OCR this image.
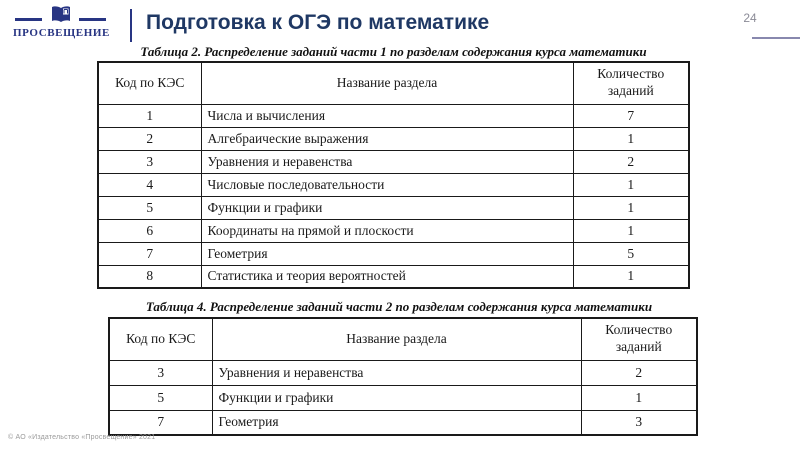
ПРОСВЕЩЕНИЕ Подготовка к ОГЭ по математике	24
Таблица 2. Распределение заданий части 1 по разделам содержания курса математики
Код по КЭС	Название раздела	Количество заданий
1	Числа и вычисления	7
2	Алгебраические выражения	1
3	Уравнения и неравенства	2
4	Числовые последовательности	1
5	Функции и графики	1
6	Координаты на прямой и плоскости	1
7	Геометрия	5
8	Статистика и теория вероятностей	1
Таблица 4. Распределение заданий части 2 по разделам содержания курса математики
Код по КЭС	Название раздела	Количество заданий
3	Уравнения и неравенства	2
5	Функции и графики	1
7	Геометрия	3
© АО «Издательство «Просвещение» 2021
